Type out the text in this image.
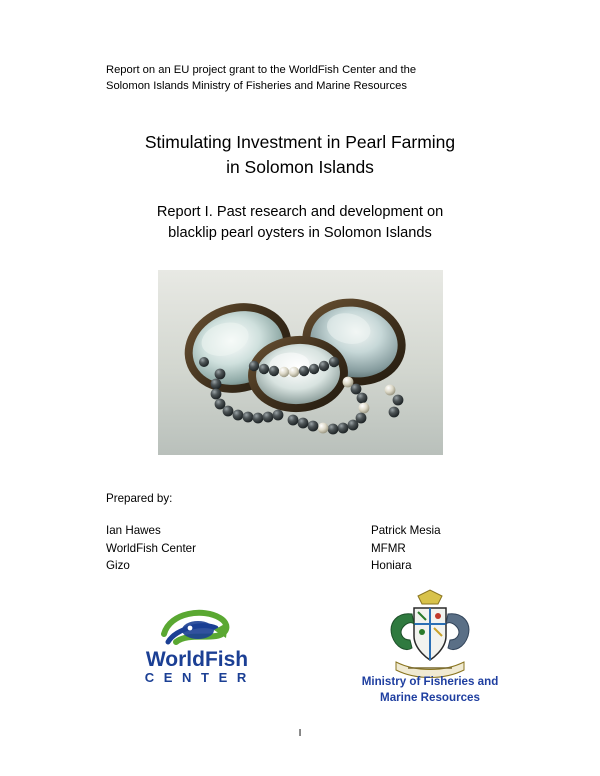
Report on an EU project grant to the WorldFish Center and the
Solomon Islands Ministry of Fisheries and Marine Resources
Stimulating Investment in Pearl Farming
in Solomon Islands
Report I. Past research and development on
blacklip pearl oysters in Solomon Islands
Prepared by:
Ian Hawes
WorldFish Center
Gizo
Patrick Mesia
MFMR
Honiara
WorldFish
C E N T E R	Ministry of Fisheries and
Marine Resources
I
